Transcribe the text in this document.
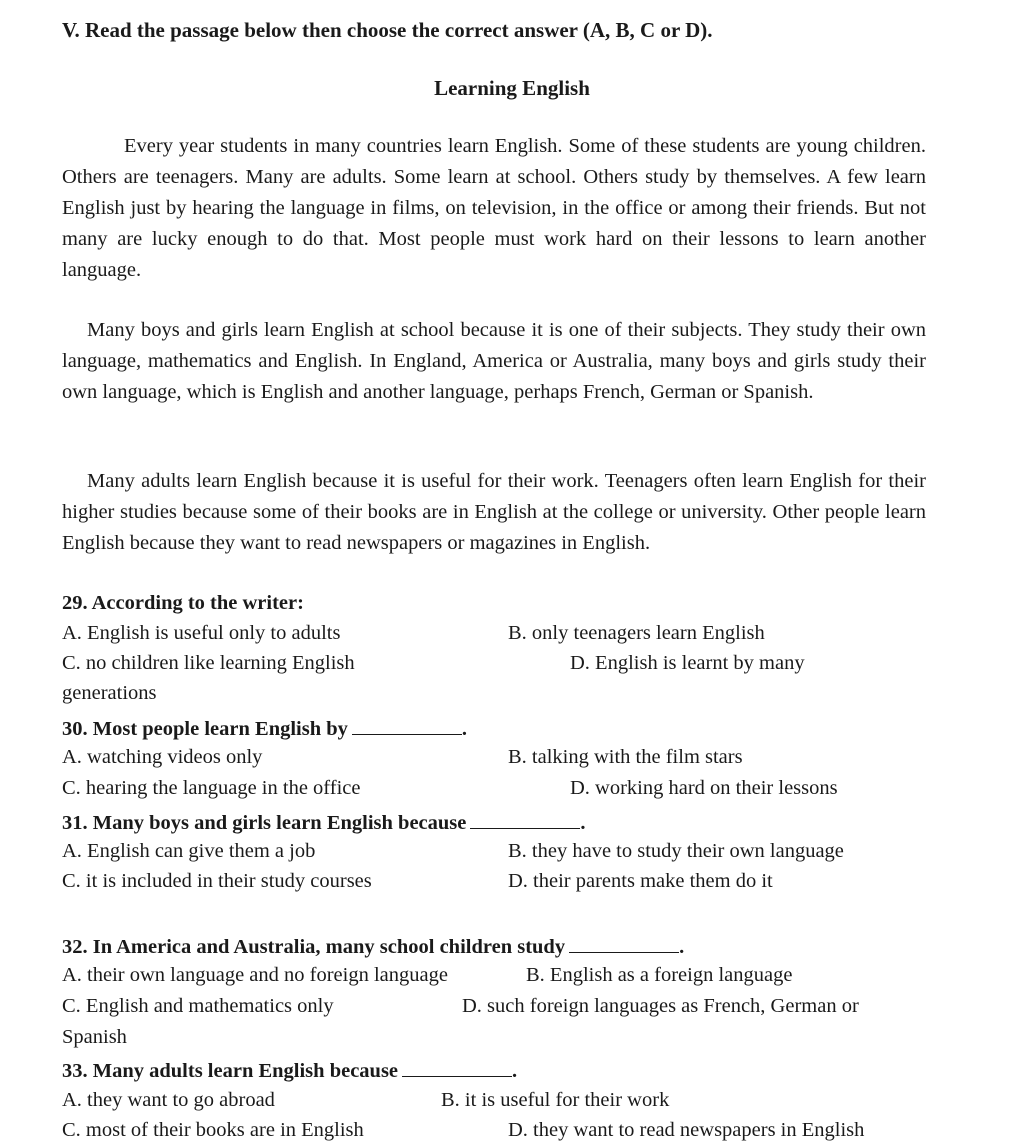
V. Read the passage below then choose the correct answer (A, B, C or D).
Learning English
Every year students in many countries learn English. Some of these students are young children. Others are teenagers. Many are adults. Some learn at school. Others study by themselves. A few learn English just by hearing the language in films, on television, in the office or among their friends. But not many are lucky enough to do that. Most people must work hard on their lessons to learn another language.
Many boys and girls learn English at school because it is one of their subjects. They study their own language, mathematics and English. In England, America or Australia, many boys and girls study their own language, which is English and another language, perhaps French, German or Spanish.
Many adults learn English because it is useful for their work. Teenagers often learn English for their higher studies because some of their books are in English at the college or university. Other people learn English because they want to read newspapers or magazines in English.
29. According to the writer:
A. English is useful only to adults	B. only teenagers learn English
C. no children like learning English	D. English is learnt by many
generations
30. Most people learn English by	.
A. watching videos only	B. talking with the film stars
C. hearing the language in the office	D. working hard on their lessons
31. Many boys and girls learn English because	.
A. English can give them a job	B. they have to study their own language
C. it is included in their study courses	D. their parents make them do it
32. In America and Australia, many school children study	.
A. their own language and no foreign language	B. English as a foreign language
C. English and mathematics only	D. such foreign languages as French, German or
Spanish
33. Many adults learn English because	.
A. they want to go abroad	B. it is useful for their work
C. most of their books are in English	D. they want to read newspapers in English
